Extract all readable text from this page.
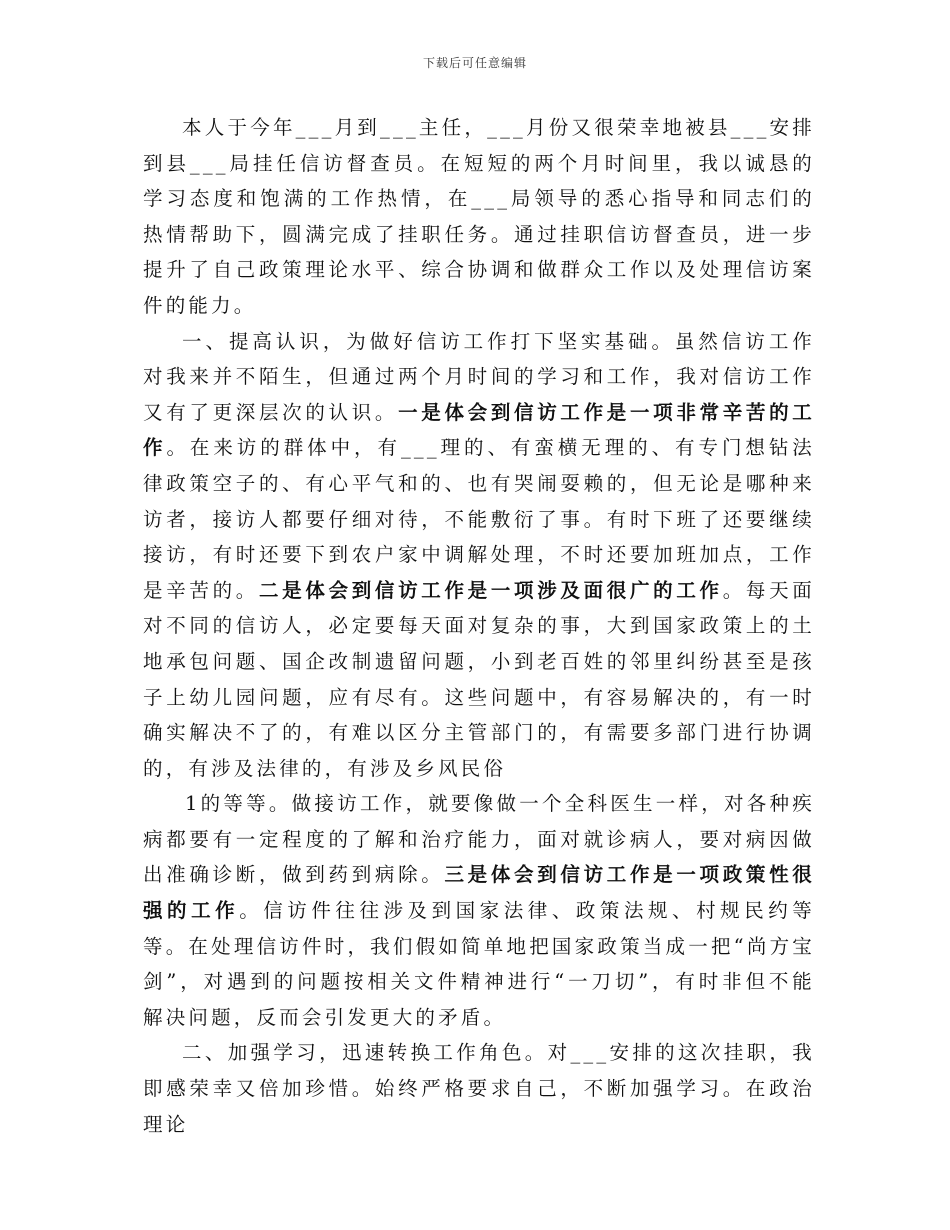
下载后可任意编辑

本人于今年___月到___主任，___月份又很荣幸地被县___安排到县___局挂任信访督查员。在短短的两个月时间里，我以诚恳的学习态度和饱满的工作热情，在___局领导的悉心指导和同志们的热情帮助下，圆满完成了挂职任务。通过挂职信访督查员，进一步提升了自己政策理论水平、综合协调和做群众工作以及处理信访案件的能力。

一、提高认识，为做好信访工作打下坚实基础。虽然信访工作对我来并不陌生，但通过两个月时间的学习和工作，我对信访工作又有了更深层次的认识。一是体会到信访工作是一项非常辛苦的工作。在来访的群体中，有___理的、有蛮横无理的、有专门想钻法律政策空子的、有心平气和的、也有哭闹耍赖的，但无论是哪种来访者，接访人都要仔细对待，不能敷衍了事。有时下班了还要继续接访，有时还要下到农户家中调解处理，不时还要加班加点，工作是辛苦的。二是体会到信访工作是一项涉及面很广的工作。每天面对不同的信访人，必定要每天面对复杂的事，大到国家政策上的土地承包问题、国企改制遗留问题，小到老百姓的邻里纠纷甚至是孩子上幼儿园问题，应有尽有。这些问题中，有容易解决的，有一时确实解决不了的，有难以区分主管部门的，有需要多部门进行协调的，有涉及法律的，有涉及乡风民俗

1的等等。做接访工作，就要像做一个全科医生一样，对各种疾病都要有一定程度的了解和治疗能力，面对就诊病人，要对病因做出准确诊断，做到药到病除。三是体会到信访工作是一项政策性很强的工作。信访件往往涉及到国家法律、政策法规、村规民约等等。在处理信访件时，我们假如简单地把国家政策当成一把“尚方宝剑”，对遇到的问题按相关文件精神进行“一刀切”，有时非但不能解决问题，反而会引发更大的矛盾。

二、加强学习，迅速转换工作角色。对___安排的这次挂职，我即感荣幸又倍加珍惜。始终严格要求自己，不断加强学习。在政治理论
